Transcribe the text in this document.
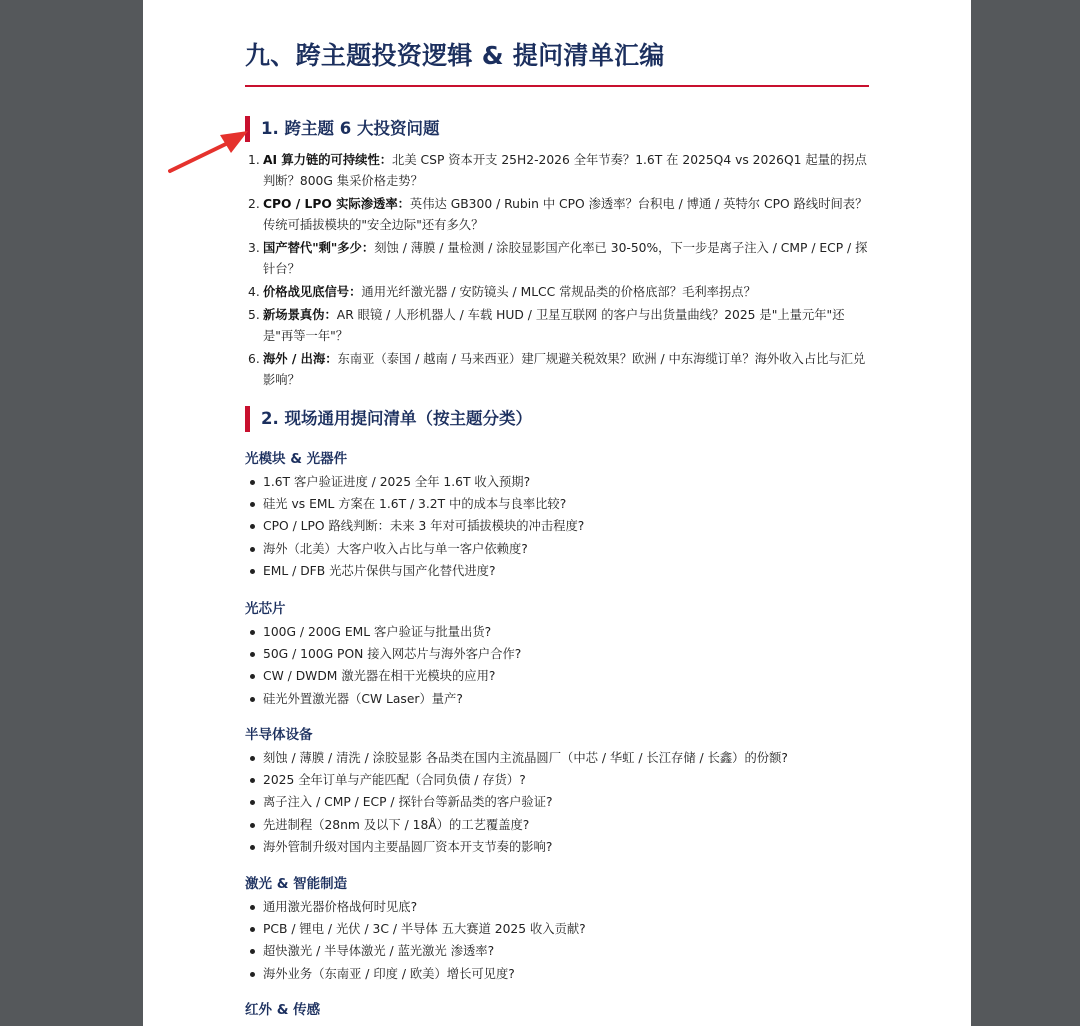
九、跨主题投资逻辑 & 提问清单汇编
1. 跨主题 6 大投资问题
1. AI 算力链的可持续性：北美 CSP 资本开支 25H2-2026 全年节奏？1.6T 在 2025Q4 vs 2026Q1 起量的拐点判断？800G 集采价格走势？
2. CPO / LPO 实际渗透率：英伟达 GB300 / Rubin 中 CPO 渗透率？台积电 / 博通 / 英特尔 CPO 路线时间表？传统可插拔模块的"安全边际"还有多久？
3. 国产替代"剩"多少：刻蚀 / 薄膜 / 量检测 / 涂胶显影国产化率已 30-50%，下一步是离子注入 / CMP / ECP / 探针台？
4. 价格战见底信号：通用光纤激光器 / 安防镜头 / MLCC 常规品类的价格底部？毛利率拐点？
5. 新场景真伪：AR 眼镜 / 人形机器人 / 车载 HUD / 卫星互联网 的客户与出货量曲线？2025 是"上量元年"还是"再等一年"？
6. 海外 / 出海：东南亚（泰国 / 越南 / 马来西亚）建厂规避关税效果？欧洲 / 中东海缆订单？海外收入占比与汇兑影响？
2. 现场通用提问清单（按主题分类）
光模块 & 光器件
1.6T 客户验证进度 / 2025 全年 1.6T 收入预期?
硅光 vs EML 方案在 1.6T / 3.2T 中的成本与良率比较?
CPO / LPO 路线判断：未来 3 年对可插拔模块的冲击程度?
海外（北美）大客户收入占比与单一客户依赖度?
EML / DFB 光芯片保供与国产化替代进度?
光芯片
100G / 200G EML 客户验证与批量出货?
50G / 100G PON 接入网芯片与海外客户合作?
CW / DWDM 激光器在相干光模块的应用?
硅光外置激光器（CW Laser）量产?
半导体设备
刻蚀 / 薄膜 / 清洗 / 涂胶显影 各品类在国内主流晶圆厂（中芯 / 华虹 / 长江存储 / 长鑫）的份额?
2025 全年订单与产能匹配（合同负债 / 存货）?
离子注入 / CMP / ECP / 探针台等新品类的客户验证?
先进制程（28nm 及以下 / 18Å）的工艺覆盖度?
海外管制升级对国内主要晶圆厂资本开支节奏的影响?
激光 & 智能制造
通用激光器价格战何时见底?
PCB / 锂电 / 光伏 / 3C / 半导体 五大赛道 2025 收入贡献?
超快激光 / 半导体激光 / 蓝光激光 渗透率?
海外业务（东南亚 / 印度 / 欧美）增长可见度?
红外 & 传感
